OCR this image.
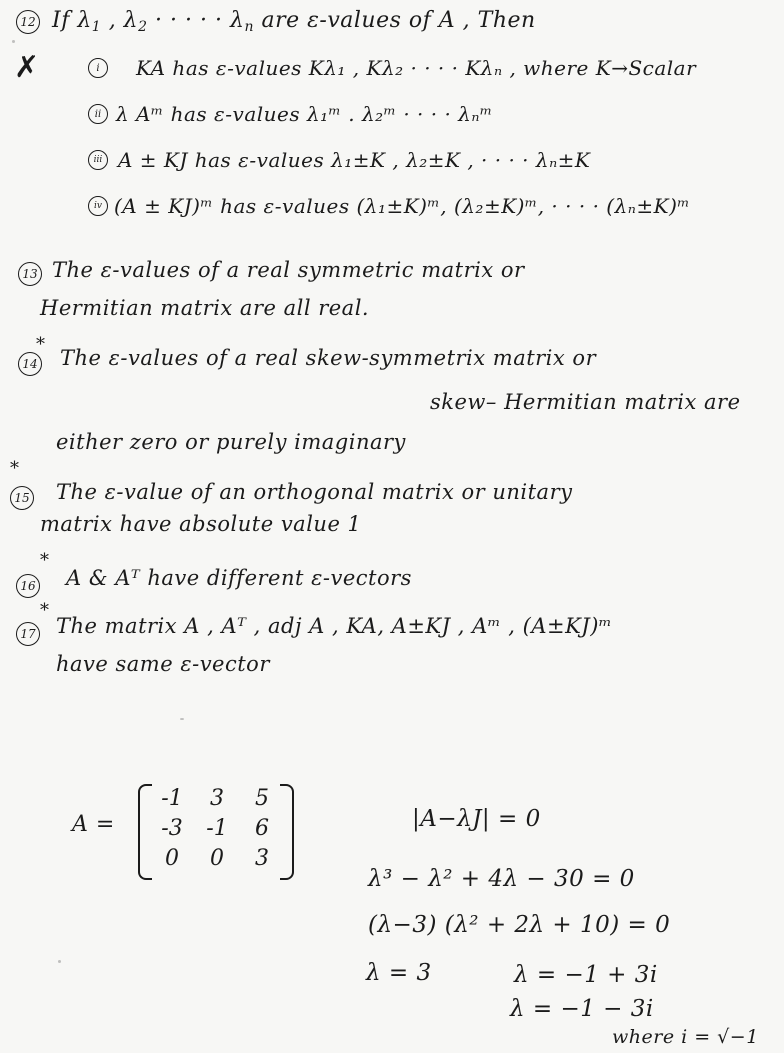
12 If $\lambda_1$ , $\lambda_2$ · · · · · $\lambda_n$ are ε-values of A , Then
✗	i	KA has ε-values Kλ₁ , Kλ₂ · · · · Kλₙ , where K→Scalar
ii λ Aᵐ has ε-values λ₁ᵐ . λ₂ᵐ · · · · λₙᵐ
iii A ± KJ has ε-values λ₁±K , λ₂±K , · · · · λₙ±K
iv (A ± KJ)ᵐ has ε-values (λ₁±K)ᵐ, (λ₂±K)ᵐ, · · · · (λₙ±K)ᵐ
13 The ε-values of a real symmetric matrix or
Hermitian matrix are all real.
14
*
The ε-values of a real skew-symmetrix matrix or
skew– Hermitian matrix are
either zero or purely imaginary
*
15 The ε-value of an orthogonal matrix or unitary
matrix have absolute value 1
*
16 A & Aᵀ have different ε-vectors
*
17 The matrix A , Aᵀ , adj A , KA, A±KJ , Aᵐ , (A±KJ)ᵐ
have same ε-vector
A =
-1	3	5
-3	-1	6
0	0	3
|A−λJ| = 0
λ³ − λ² + 4λ − 30 = 0
(λ−3) (λ² + 2λ + 10) = 0
λ = 3	λ = −1 + 3i
λ = −1 − 3i
where i = √−1
